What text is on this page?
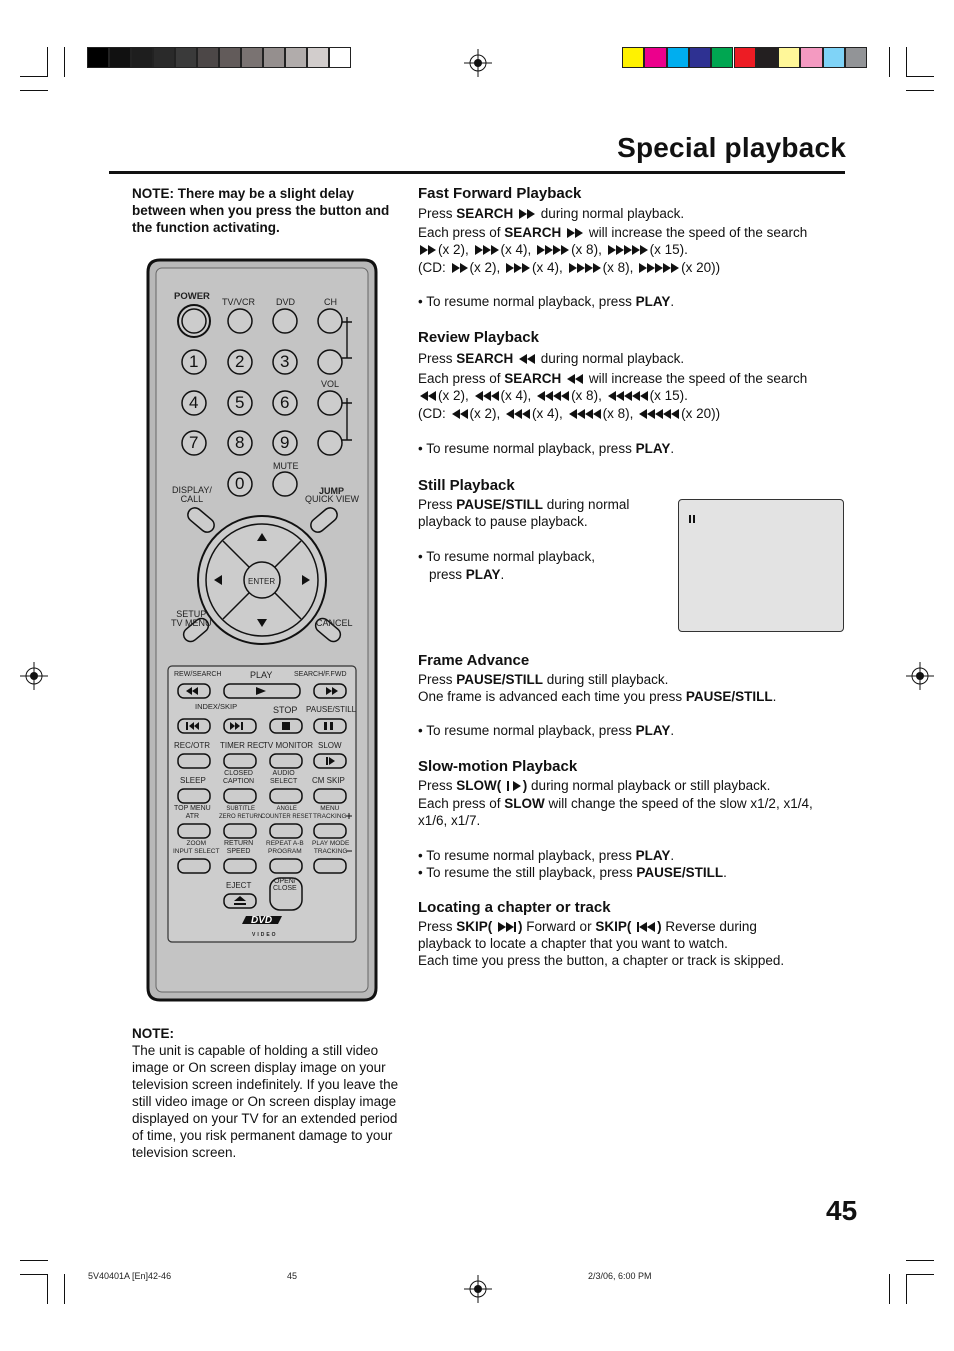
Special playback
NOTE: There may be a slight delay between when you press the button and the function activating.
POWER TV/VCR DVD	CH
1 2 3
4 5 6
7 8 9
0
VOL
MUTE
DISPLAY/
CALL
JUMP
QUICK VIEW
ENTER
SETUP
TV MENU	CANCEL
REW/SEARCH	PLAY	SEARCH/F.FWD
INDEX/SKIP	STOP PAUSE/STILL
REC/OTR TIMER REC TV MONITOR SLOW
SLEEP
CLOSED
CAPTION
AUDIO
SELECT CM SKIP
TOP MENU
ATR
SUBTITLE
ZERO RETURN
ANGLE
COUNTER RESET
MENU
TRACKING
ZOOM
INPUT SELECT
RETURN
SPEED
REPEAT A-B
PROGRAM
PLAY MODE
TRACKING
EJECT	OPEN/
CLOSE
DVD
VIDEO
Fast Forward Playback
Press SEARCH  during normal playback.
Each press of SEARCH  will increase the speed of the search
(x 2), (x 4),	(x 8),	(x 15).
(CD: (x 2), (x 4),	(x 8),	(x 20))
• To resume normal playback, press PLAY.
Review Playback
Press SEARCH  during normal playback.
Each press of SEARCH  will increase the speed of the search
(x 2), (x 4),	(x 8),	(x 15).
(CD: (x 2), (x 4),	(x 8),	(x 20))
• To resume normal playback, press PLAY.
Still Playback
Press PAUSE/STILL during normal
playback to pause playback.
• To resume normal playback,
press PLAY.
Frame Advance
Press PAUSE/STILL during still playback.
One frame is advanced each time you press PAUSE/STILL.
• To resume normal playback, press PLAY.
Slow-motion Playback
Press SLOW( ) during normal playback or still playback.
Each press of SLOW will change the speed of the slow x1/2, x1/4,
x1/6, x1/7.
• To resume normal playback, press PLAY.
• To resume the still playback, press PAUSE/STILL.
Locating a chapter or track
Press SKIP( ) Forward or SKIP( ) Reverse during
playback to locate a chapter that you want to watch.
Each time you press the button, a chapter or track is skipped.
NOTE:
The unit is capable of holding a still video image or On screen display image on your television screen indefinitely. If you leave the still video image or On screen display image displayed on your TV for an extended period of time, you risk permanent damage to your television screen.
45
5V40401A [En]42-46	45	2/3/06, 6:00 PM
